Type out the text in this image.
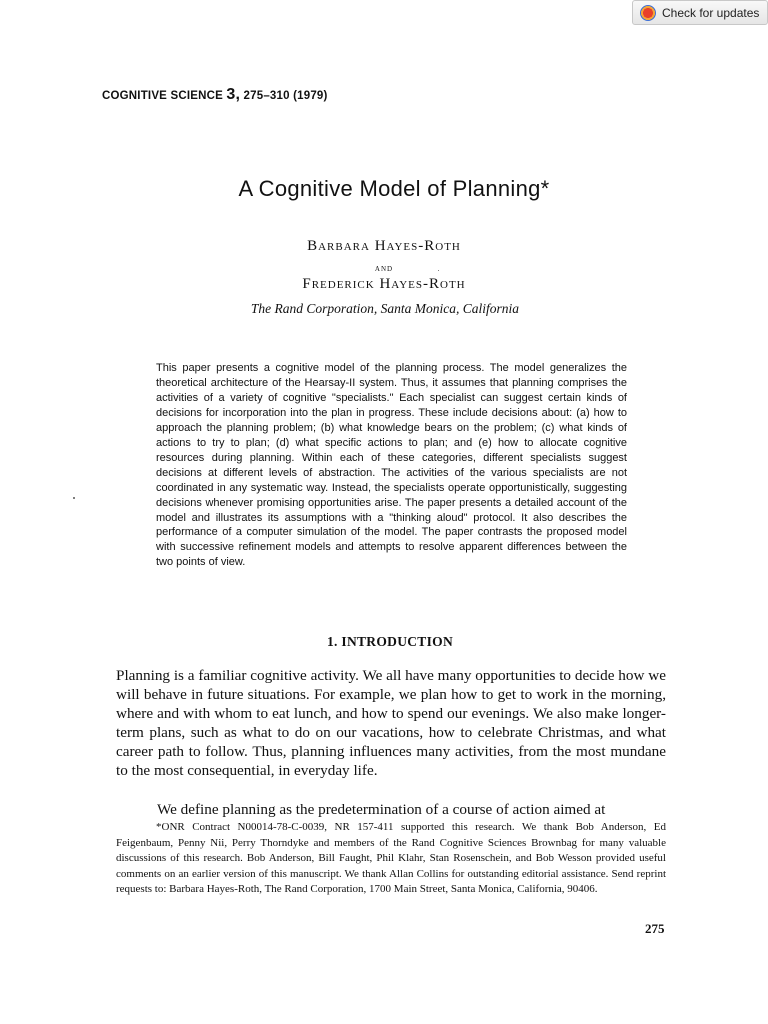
Check for updates
COGNITIVE SCIENCE 3, 275–310 (1979)
A Cognitive Model of Planning*
Barbara Hayes-Roth
and
Frederick Hayes-Roth
The Rand Corporation, Santa Monica, California
This paper presents a cognitive model of the planning process. The model generalizes the theoretical architecture of the Hearsay-II system. Thus, it assumes that planning comprises the activities of a variety of cognitive "specialists." Each specialist can suggest certain kinds of decisions for incorporation into the plan in progress. These include decisions about: (a) how to approach the planning problem; (b) what knowledge bears on the problem; (c) what kinds of actions to try to plan; (d) what specific actions to plan; and (e) how to allocate cognitive resources during planning. Within each of these categories, different specialists suggest decisions at different levels of abstraction. The activities of the various specialists are not coordinated in any systematic way. Instead, the specialists operate opportunistically, suggesting decisions whenever promising opportunities arise. The paper presents a detailed account of the model and illustrates its assumptions with a "thinking aloud" protocol. It also describes the performance of a computer simulation of the model. The paper contrasts the proposed model with successive refinement models and attempts to resolve apparent differences between the two points of view.
1. INTRODUCTION
Planning is a familiar cognitive activity. We all have many opportunities to decide how we will behave in future situations. For example, we plan how to get to work in the morning, where and with whom to eat lunch, and how to spend our evenings. We also make longer-term plans, such as what to do on our vacations, how to celebrate Christmas, and what career path to follow. Thus, planning influences many activities, from the most mundane to the most consequential, in everyday life.
We define planning as the predetermination of a course of action aimed at
*ONR Contract N00014-78-C-0039, NR 157-411 supported this research. We thank Bob Anderson, Ed Feigenbaum, Penny Nii, Perry Thorndyke and members of the Rand Cognitive Sciences Brownbag for many valuable discussions of this research. Bob Anderson, Bill Faught, Phil Klahr, Stan Rosenschein, and Bob Wesson provided useful comments on an earlier version of this manuscript. We thank Allan Collins for outstanding editorial assistance. Send reprint requests to: Barbara Hayes-Roth, The Rand Corporation, 1700 Main Street, Santa Monica, California, 90406.
275
